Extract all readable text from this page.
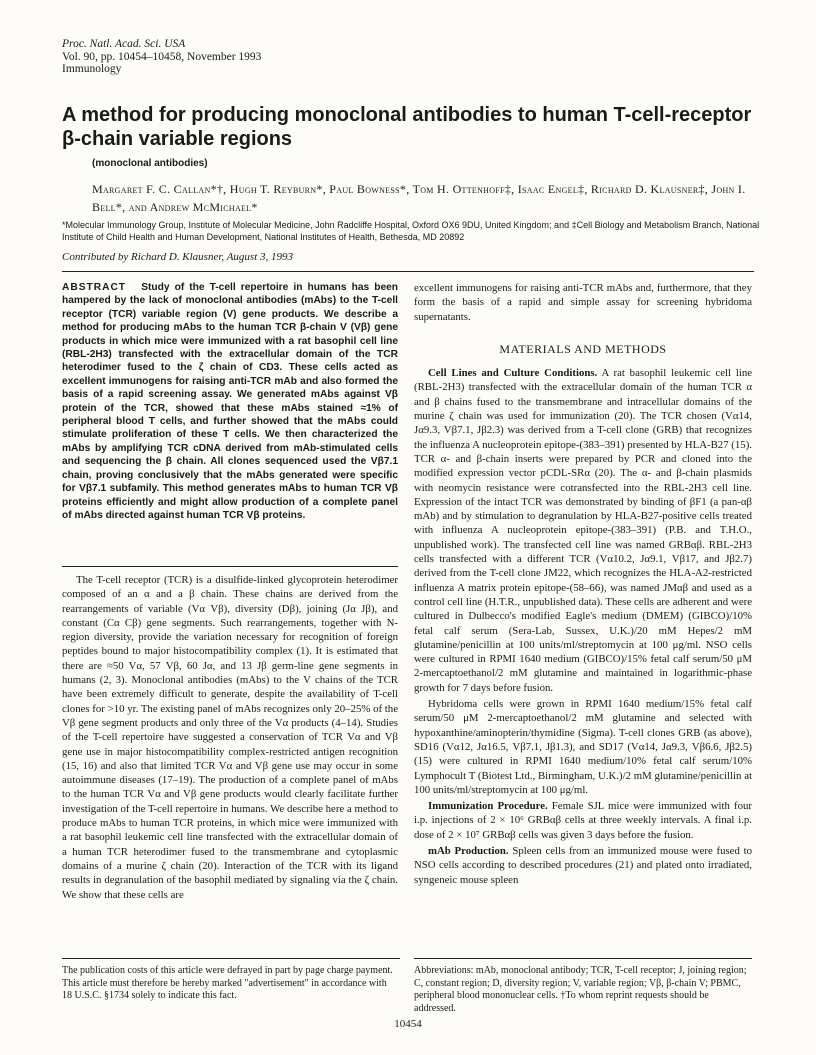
Proc. Natl. Acad. Sci. USA
Vol. 90, pp. 10454–10458, November 1993
Immunology
A method for producing monoclonal antibodies to human T-cell-receptor β-chain variable regions
(monoclonal antibodies)
Margaret F. C. Callan*†, Hugh T. Reyburn*, Paul Bowness*, Tom H. Ottenhoff‡, Isaac Engel‡, Richard D. Klausner‡, John I. Bell*, and Andrew McMichael*
*Molecular Immunology Group, Institute of Molecular Medicine, John Radcliffe Hospital, Oxford OX6 9DU, United Kingdom; and ‡Cell Biology and Metabolism Branch, National Institute of Child Health and Human Development, National Institutes of Health, Bethesda, MD 20892
Contributed by Richard D. Klausner, August 3, 1993
ABSTRACT Study of the T-cell repertoire in humans has been hampered by the lack of monoclonal antibodies (mAbs) to the T-cell receptor (TCR) variable region (V) gene products. We describe a method for producing mAbs to the human TCR β-chain V (Vβ) gene products in which mice were immunized with a rat basophil cell line (RBL-2H3) transfected with the extracellular domain of the TCR heterodimer fused to the ζ chain of CD3. These cells acted as excellent immunogens for raising anti-TCR mAb and also formed the basis of a rapid screening assay. We generated mAbs against Vβ protein of the TCR, showed that these mAbs stained ≈1% of peripheral blood T cells, and further showed that the mAbs could stimulate proliferation of these T cells. We then characterized the mAbs by amplifying TCR cDNA derived from mAb-stimulated cells and sequencing the β chain. All clones sequenced used the Vβ7.1 chain, proving conclusively that the mAbs generated were specific for Vβ7.1 subfamily. This method generates mAbs to human TCR Vβ proteins efficiently and might allow production of a complete panel of mAbs directed against human TCR Vβ proteins.

The T-cell receptor (TCR) is a disulfide-linked glycoprotein heterodimer composed of an α and a β chain. These chains are derived from the rearrangements of variable (Vα Vβ), diversity (Dβ), joining (Jα Jβ), and constant (Cα Cβ) gene segments. Such rearrangements, together with N-region diversity, provide the variation necessary for recognition of foreign peptides bound to major histocompatibility complex (1). It is estimated that there are ≈50 Vα, 57 Vβ, 60 Jα, and 13 Jβ germ-line gene segments in humans (2, 3). Monoclonal antibodies (mAbs) to the V chains of the TCR have been extremely difficult to generate, despite the availability of T-cell clones for >10 yr. The existing panel of mAbs recognizes only 20–25% of the Vβ gene segment products and only three of the Vα products (4–14). Studies of the T-cell repertoire have suggested a conservation of TCR Vα and Vβ gene use in major histocompatibility complex-restricted antigen recognition (15, 16) and also that limited TCR Vα and Vβ gene use may occur in some autoimmune diseases (17–19). The production of a complete panel of mAbs to the human TCR Vα and Vβ gene products would clearly facilitate further investigation of the T-cell repertoire in humans. We describe here a method to produce mAbs to human TCR proteins, in which mice were immunized with a rat basophil leukemic cell line transfected with the extracellular domain of a human TCR heterodimer fused to the transmembrane and cytoplasmic domains of a murine ζ chain (20). Interaction of the TCR with its ligand results in degranulation of the basophil mediated by signaling via the ζ chain. We show that these cells are

excellent immunogens for raising anti-TCR mAbs and, furthermore, that they form the basis of a rapid and simple assay for screening hybridoma supernatants.

MATERIALS AND METHODS

Cell Lines and Culture Conditions. A rat basophil leukemic cell line (RBL-2H3) transfected with the extracellular domain of the human TCR α and β chains fused to the transmembrane and intracellular domains of the murine ζ chain was used for immunization (20). The TCR chosen (Vα14, Jα9.3, Vβ7.1, Jβ2.3) was derived from a T-cell clone (GRB) that recognizes the influenza A nucleoprotein epitope-(383–391) presented by HLA-B27 (15). TCR α- and β-chain inserts were prepared by PCR and cloned into the modified expression vector pCDL-SRα (20). The α- and β-chain plasmids with neomycin resistance were cotransfected into the RBL-2H3 cell line. Expression of the intact TCR was demonstrated by binding of βF1 (a pan-αβ mAb) and by stimulation to degranulation by HLA-B27-positive cells treated with influenza A nucleoprotein epitope-(383–391) (P.B. and T.H.O., unpublished work). The transfected cell line was named GRBαβ. RBL-2H3 cells transfected with a different TCR (Vα10.2, Jα9.1, Vβ17, and Jβ2.7) derived from the T-cell clone JM22, which recognizes the HLA-A2-restricted influenza A matrix protein epitope-(58–66), was named JMαβ and used as a control cell line (H.T.R., unpublished data). These cells are adherent and were cultured in Dulbecco's modified Eagle's medium (DMEM) (GIBCO)/10% fetal calf serum (Sera-Lab, Sussex, U.K.)/20 mM Hepes/2 mM glutamine/penicillin at 100 units/ml/streptomycin at 100 μg/ml. NSO cells were cultured in RPMI 1640 medium (GIBCO)/15% fetal calf serum/50 μM 2-mercaptoethanol/2 mM glutamine and maintained in logarithmic-phase growth for 7 days before fusion.

Hybridoma cells were grown in RPMI 1640 medium/15% fetal calf serum/50 μM 2-mercaptoethanol/2 mM glutamine and selected with hypoxanthine/aminopterin/thymidine (Sigma). T-cell clones GRB (as above), SD16 (Vα12, Jα16.5, Vβ7.1, Jβ1.3), and SD17 (Vα14, Jα9.3, Vβ6.6, Jβ2.5) (15) were cultured in RPMI 1640 medium/10% fetal calf serum/10% Lymphocult T (Biotest Ltd., Birmingham, U.K.)/2 mM glutamine/penicillin at 100 units/ml/streptomycin at 100 μg/ml.

Immunization Procedure. Female SJL mice were immunized with four i.p. injections of 2 × 10⁶ GRBαβ cells at three weekly intervals. A final i.p. dose of 2 × 10⁷ GRBαβ cells was given 3 days before the fusion.

mAb Production. Spleen cells from an immunized mouse were fused to NSO cells according to described procedures (21) and plated onto irradiated, syngeneic mouse spleen

The publication costs of this article were defrayed in part by page charge payment. This article must therefore be hereby marked "advertisement" in accordance with 18 U.S.C. §1734 solely to indicate this fact.
Abbreviations: mAb, monoclonal antibody; TCR, T-cell receptor; J, joining region; C, constant region; D, diversity region; V, variable region; Vβ, β-chain V; PBMC, peripheral blood mononuclear cells. †To whom reprint requests should be addressed.
10454
